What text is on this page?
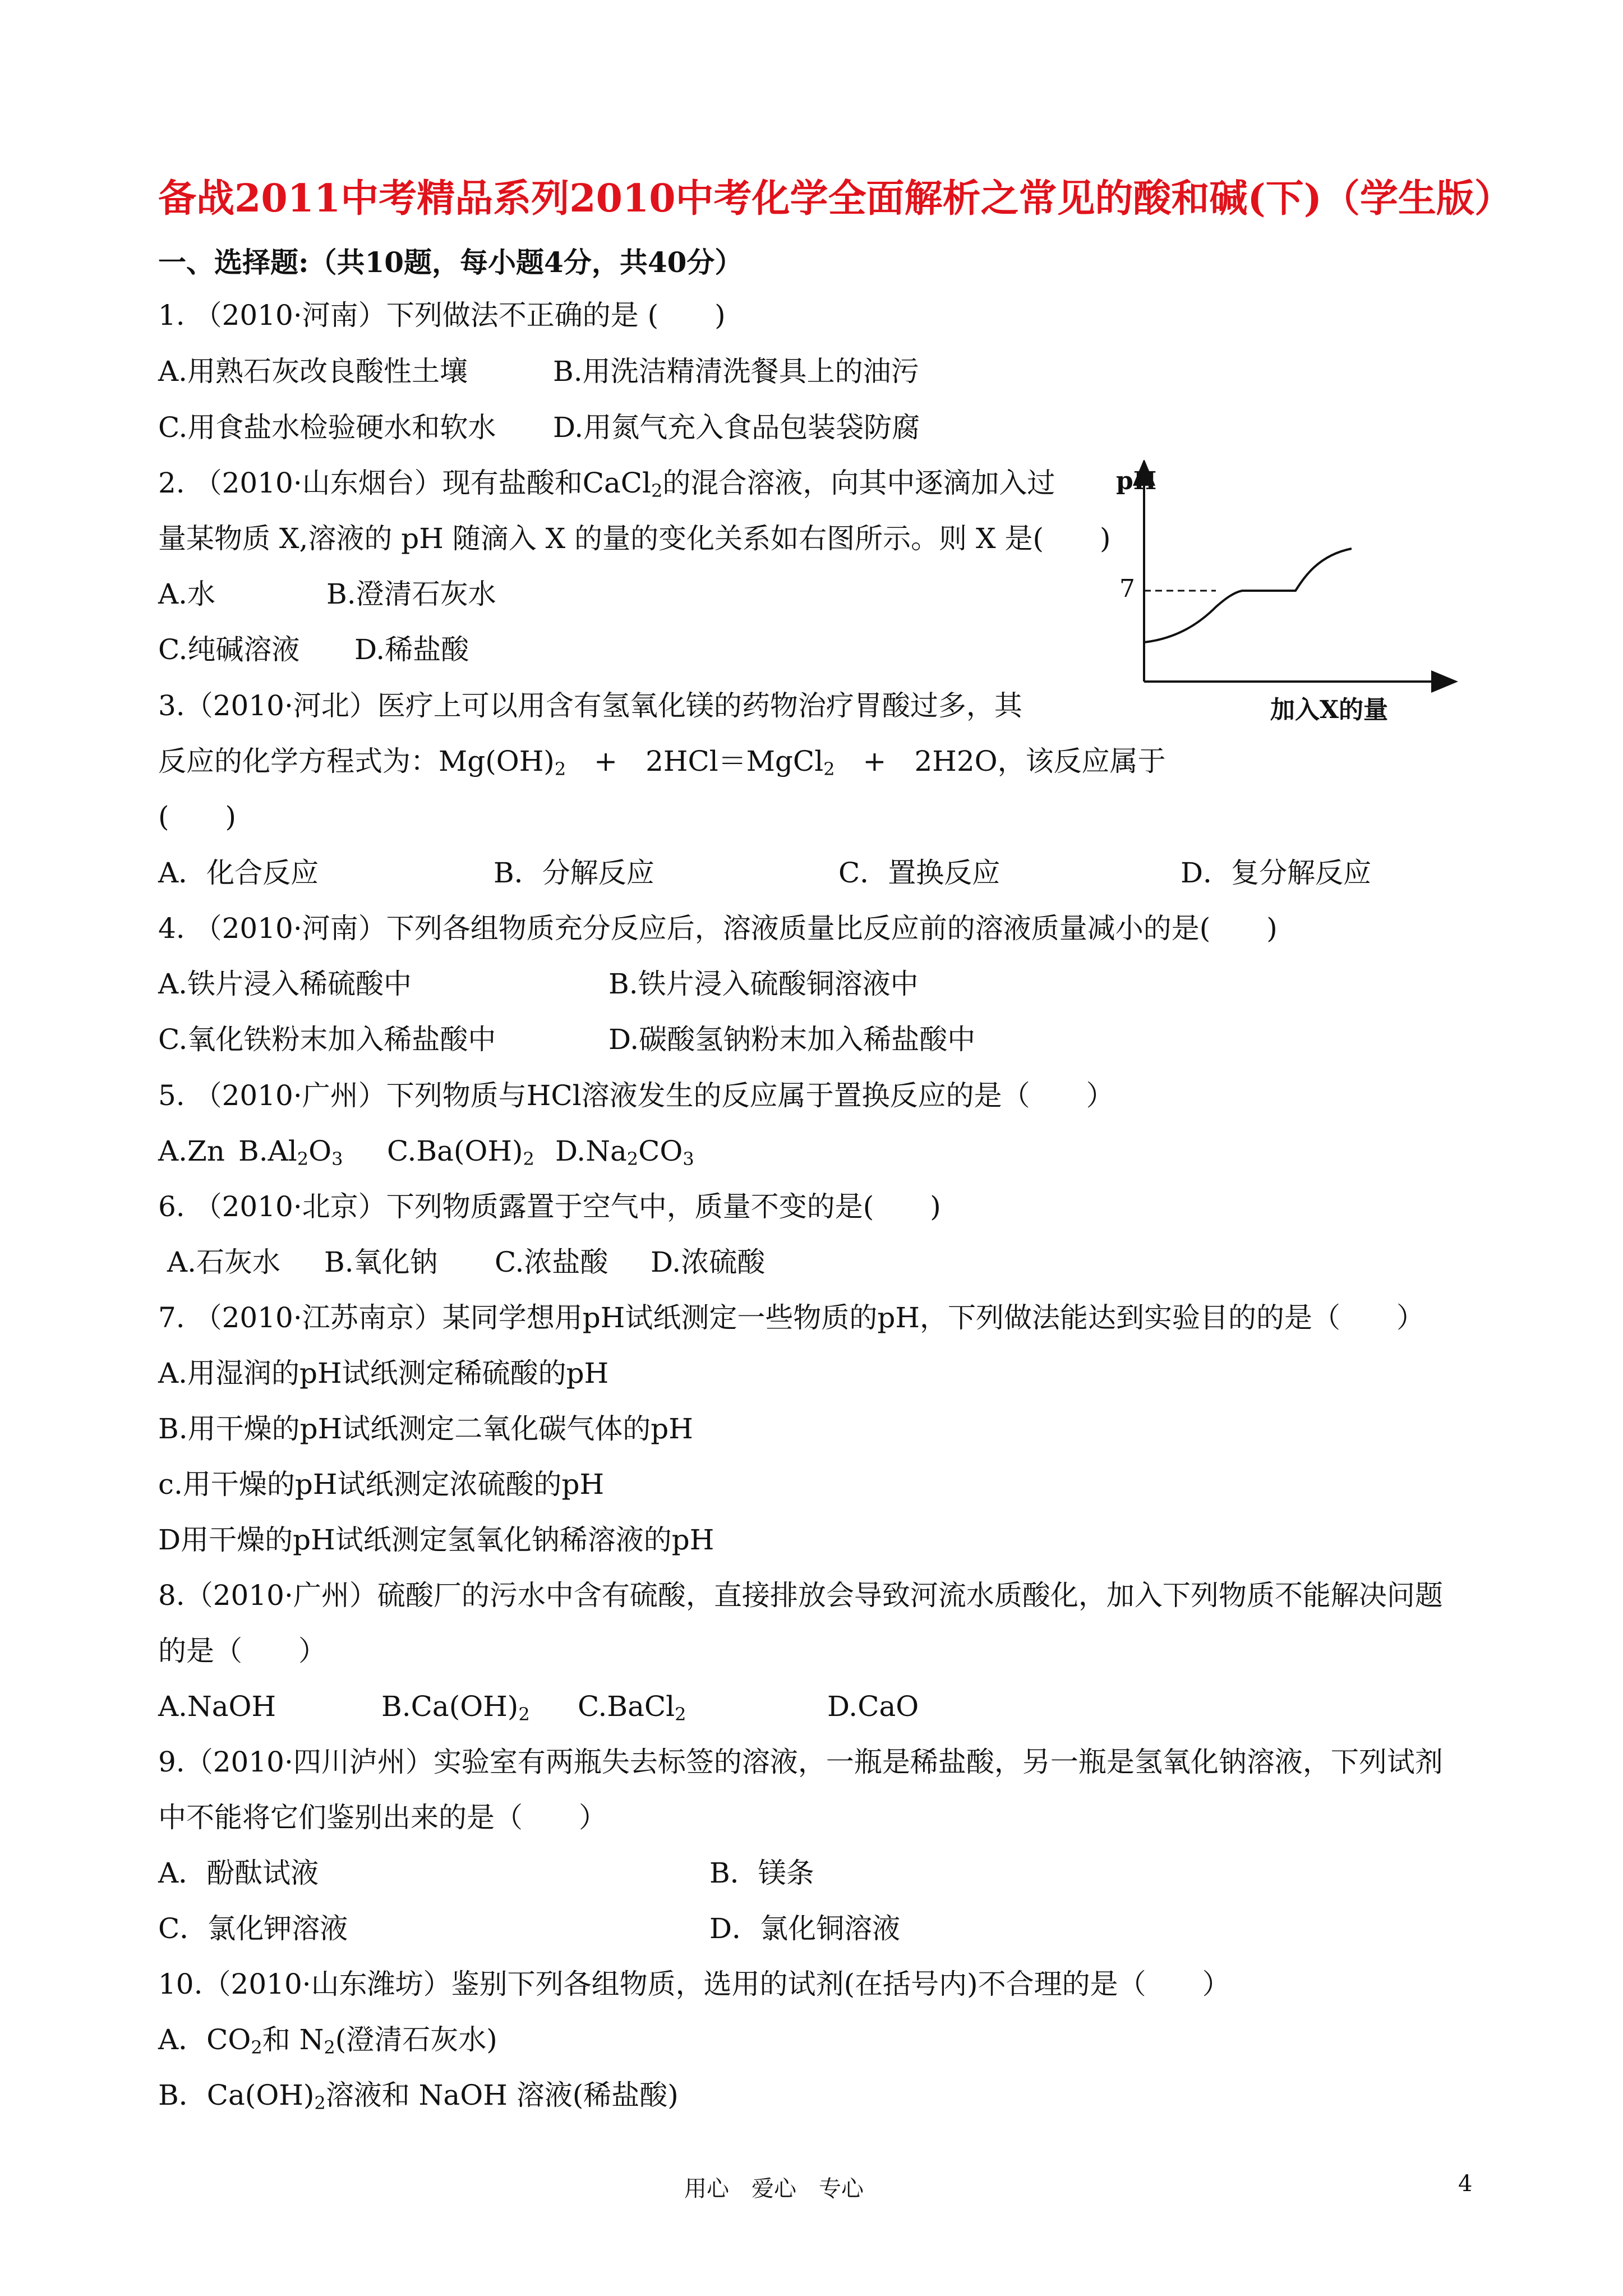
备战2011中考精品系列2010中考化学全面解析之常见的酸和碱(下)（学生版）
一、选择题:（共10题，每小题4分，共40分）
1. （2010·河南）下列做法不正确的是 (　　)
A.用熟石灰改良酸性土壤	B.用洗洁精清洗餐具上的油污
C.用食盐水检验硬水和软水 D.用氮气充入食品包装袋防腐
2. （2010·山东烟台）现有盐酸和CaCl$_2$的混合溶液，向其中逐滴加入过
量某物质 X,溶液的 pH 随滴入 X 的量的变化关系如右图所示。则 X 是(　　)
A.水	B.澄清石灰水
C.纯碱溶液 D.稀盐酸
pH
7
加入X的量
3.（2010·河北）医疗上可以用含有氢氧化镁的药物治疗胃酸过多，其
反应的化学方程式为：$Mg(OH)_2$　+　2HCl＝MgCl$_2$　+　2H2O，该反应属于
(　　)
A．化合反应	B．分解反应	C．置换反应	D．复分解反应
4. （2010·河南）下列各组物质充分反应后，溶液质量比反应前的溶液质量减小的是(　　)
A.铁片浸入稀硫酸中	B.铁片浸入硫酸铜溶液中
C.氧化铁粉末加入稀盐酸中	D.碳酸氢钠粉末加入稀盐酸中
5. （2010·广州）下列物质与HCl溶液发生的反应属于置换反应的是（　　）
A.Zn $B.Al_2O_3$ $C.Ba(OH)_2$ $D.Na_2CO_3$
6. （2010·北京）下列物质露置于空气中，质量不变的是(　　)
A.石灰水 B.氧化钠 C.浓盐酸 D.浓硫酸
7. （2010·江苏南京）某同学想用pH试纸测定一些物质的pH，下列做法能达到实验目的的是（　　）
A.用湿润的pH试纸测定稀硫酸的pH
B.用干燥的pH试纸测定二氧化碳气体的pH
c.用干燥的pH试纸测定浓硫酸的pH
D用干燥的pH试纸测定氢氧化钠稀溶液的pH
8.（2010·广州）硫酸厂的污水中含有硫酸，直接排放会导致河流水质酸化，加入下列物质不能解决问题
的是（　　）
A.NaOH	$B.Ca(OH)_2$ C.BaCl$_2$	D.CaO
9.（2010·四川泸州）实验室有两瓶失去标签的溶液，一瓶是稀盐酸，另一瓶是氢氧化钠溶液，下列试剂
中不能将它们鉴别出来的是（　　）
A．酚酞试液	B．镁条
C．氯化钾溶液	D．氯化铜溶液
10.（2010·山东潍坊）鉴别下列各组物质，选用的试剂(在括号内)不合理的是（　　）
A．$CO_2$和 $N_2$(澄清石灰水)
B．$Ca(OH)_2$溶液和 NaOH 溶液(稀盐酸)
用心　爱心　专心	4
